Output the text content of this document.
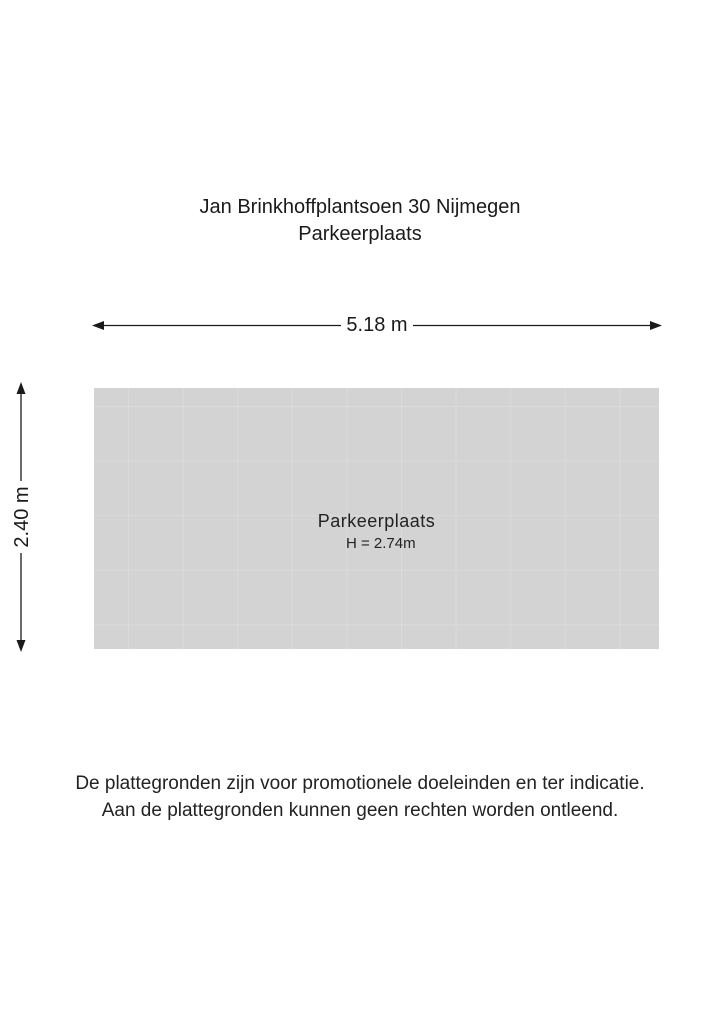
Jan Brinkhoffplantsoen 30 Nijmegen
Parkeerplaats
5.18 m
2.40 m	Parkeerplaats
H = 2.74m
De plattegronden zijn voor promotionele doeleinden en ter indicatie.
Aan de plattegronden kunnen geen rechten worden ontleend.
